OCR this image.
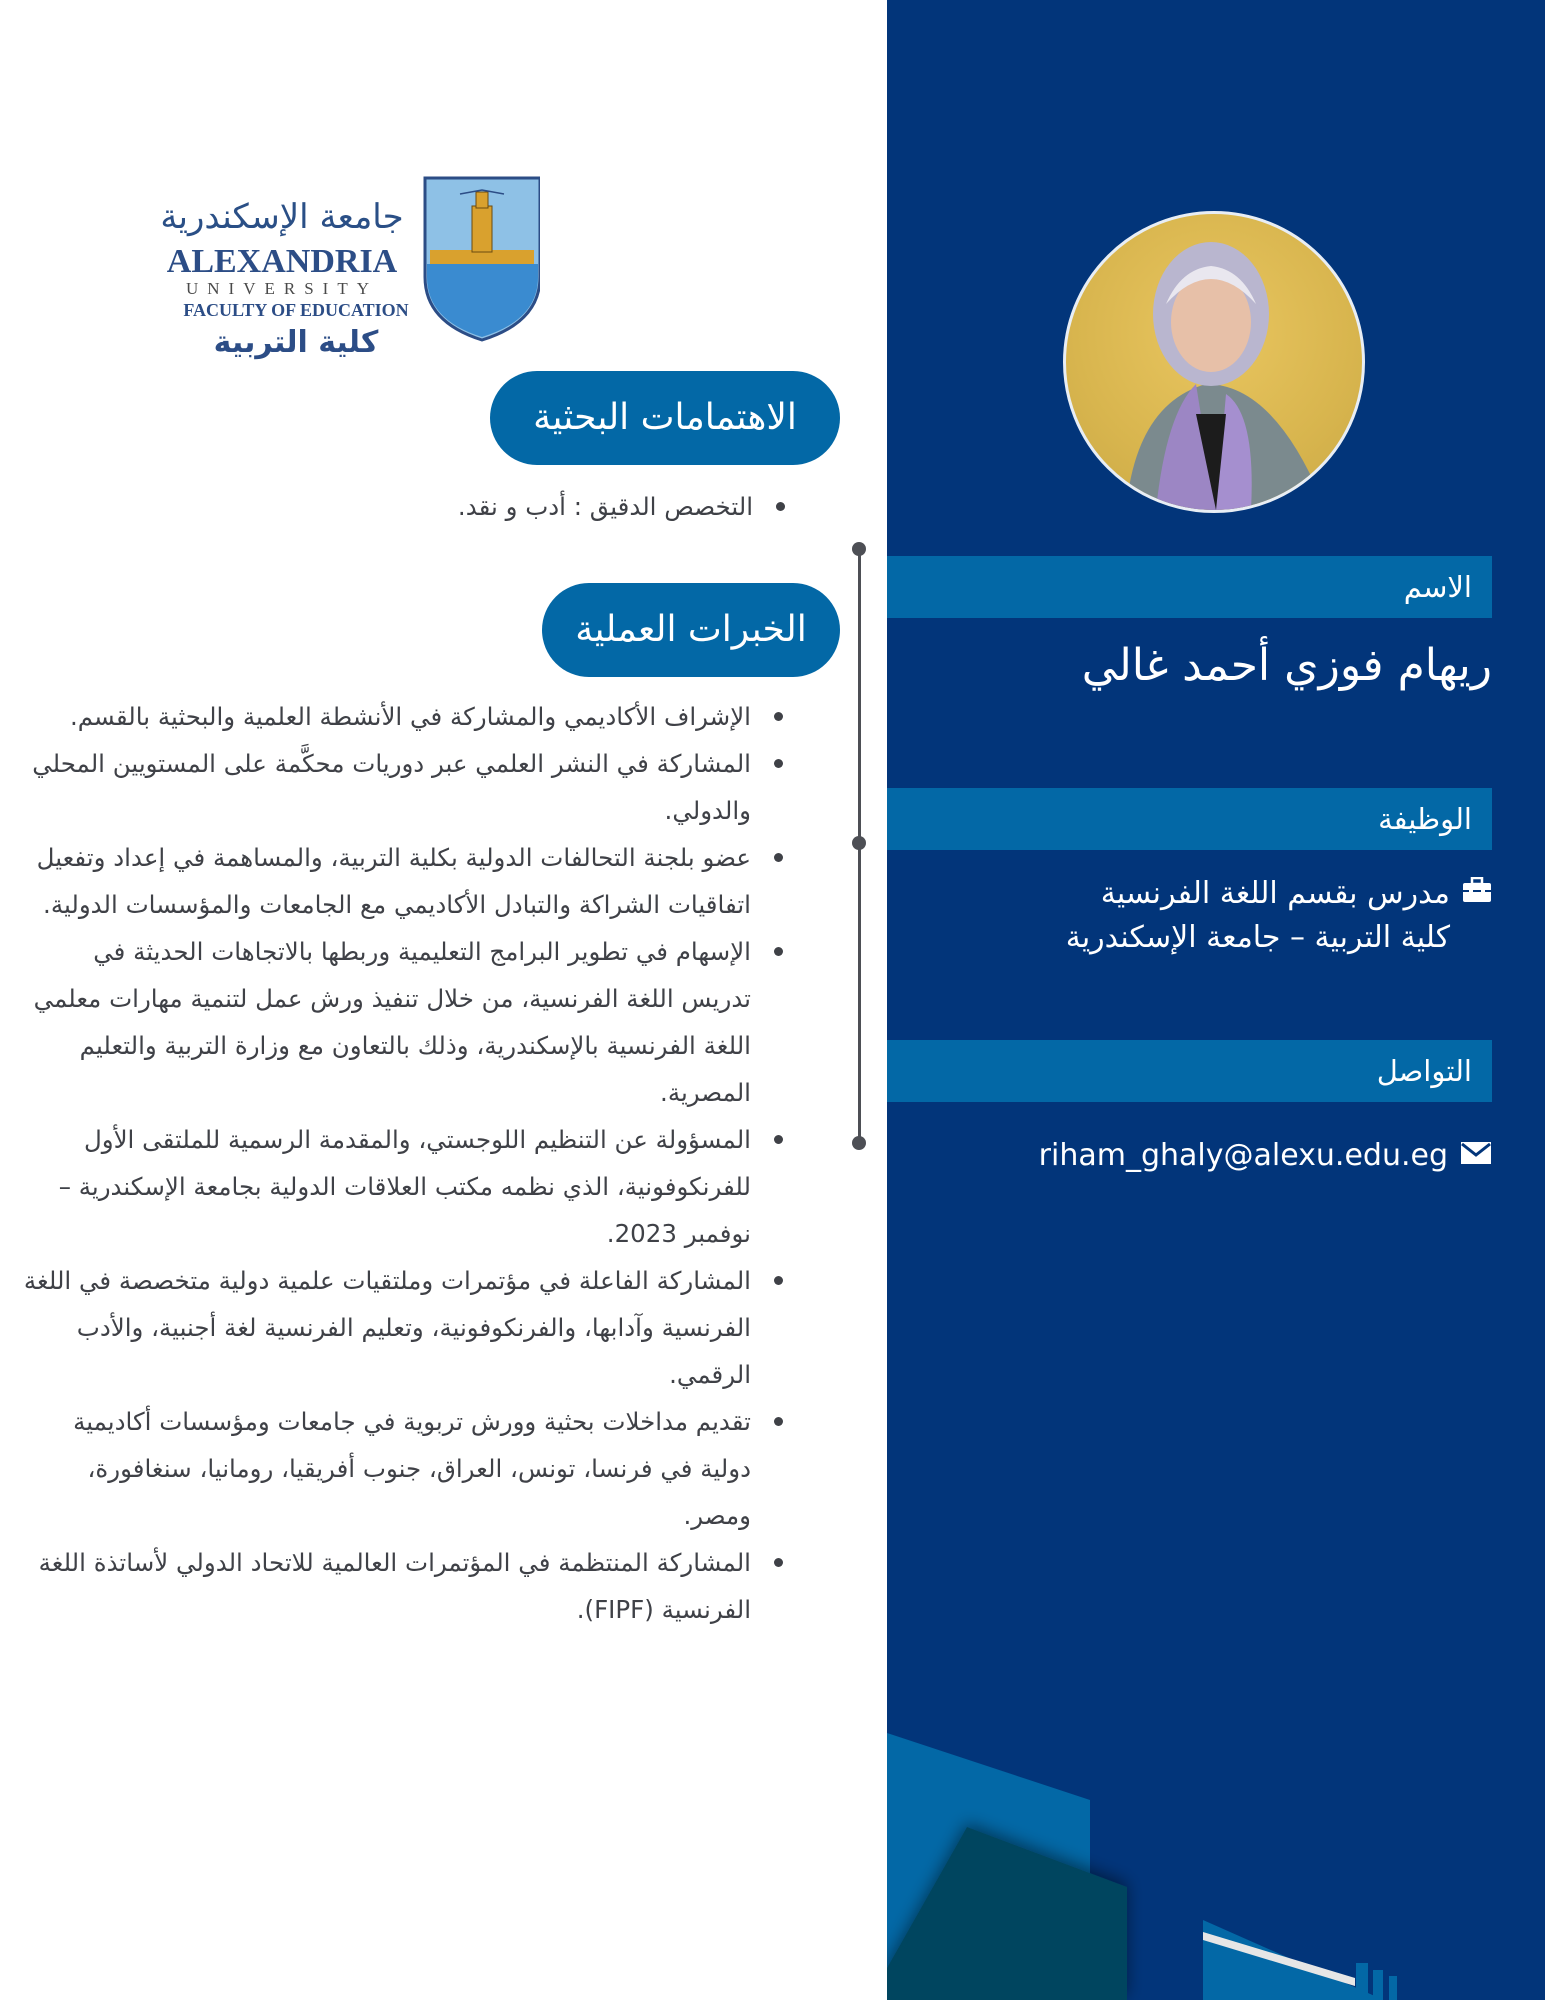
جامعة الإسكندرية
ALEXANDRIA
UNIVERSITY
FACULTY OF EDUCATION
كلية التربية
الاهتمامات البحثية
التخصص الدقيق : أدب و نقد.
الخبرات العملية
الإشراف الأكاديمي والمشاركة في الأنشطة العلمية والبحثية بالقسم.
المشاركة في النشر العلمي عبر دوريات محكَّمة على المستويين المحلي والدولي.
عضو بلجنة التحالفات الدولية بكلية التربية، والمساهمة في إعداد وتفعيل اتفاقيات الشراكة والتبادل الأكاديمي مع الجامعات والمؤسسات الدولية.
الإسهام في تطوير البرامج التعليمية وربطها بالاتجاهات الحديثة في تدريس اللغة الفرنسية، من خلال تنفيذ ورش عمل لتنمية مهارات معلمي اللغة الفرنسية بالإسكندرية، وذلك بالتعاون مع وزارة التربية والتعليم المصرية.
المسؤولة عن التنظيم اللوجستي، والمقدمة الرسمية للملتقى الأول للفرنكوفونية، الذي نظمه مكتب العلاقات الدولية بجامعة الإسكندرية – نوفمبر 2023.
المشاركة الفاعلة في مؤتمرات وملتقيات علمية دولية متخصصة في اللغة الفرنسية وآدابها، والفرنكوفونية، وتعليم الفرنسية لغة أجنبية، والأدب الرقمي.
تقديم مداخلات بحثية وورش تربوية في جامعات ومؤسسات أكاديمية دولية في فرنسا، تونس، العراق، جنوب أفريقيا، رومانيا، سنغافورة، ومصر.
المشاركة المنتظمة في المؤتمرات العالمية للاتحاد الدولي لأساتذة اللغة الفرنسية (FIPF).
الاسم
ريهام فوزي أحمد غالي
الوظيفة
مدرس بقسم اللغة الفرنسية
كلية التربية – جامعة الإسكندرية
التواصل
riham_ghaly@alexu.edu.eg
